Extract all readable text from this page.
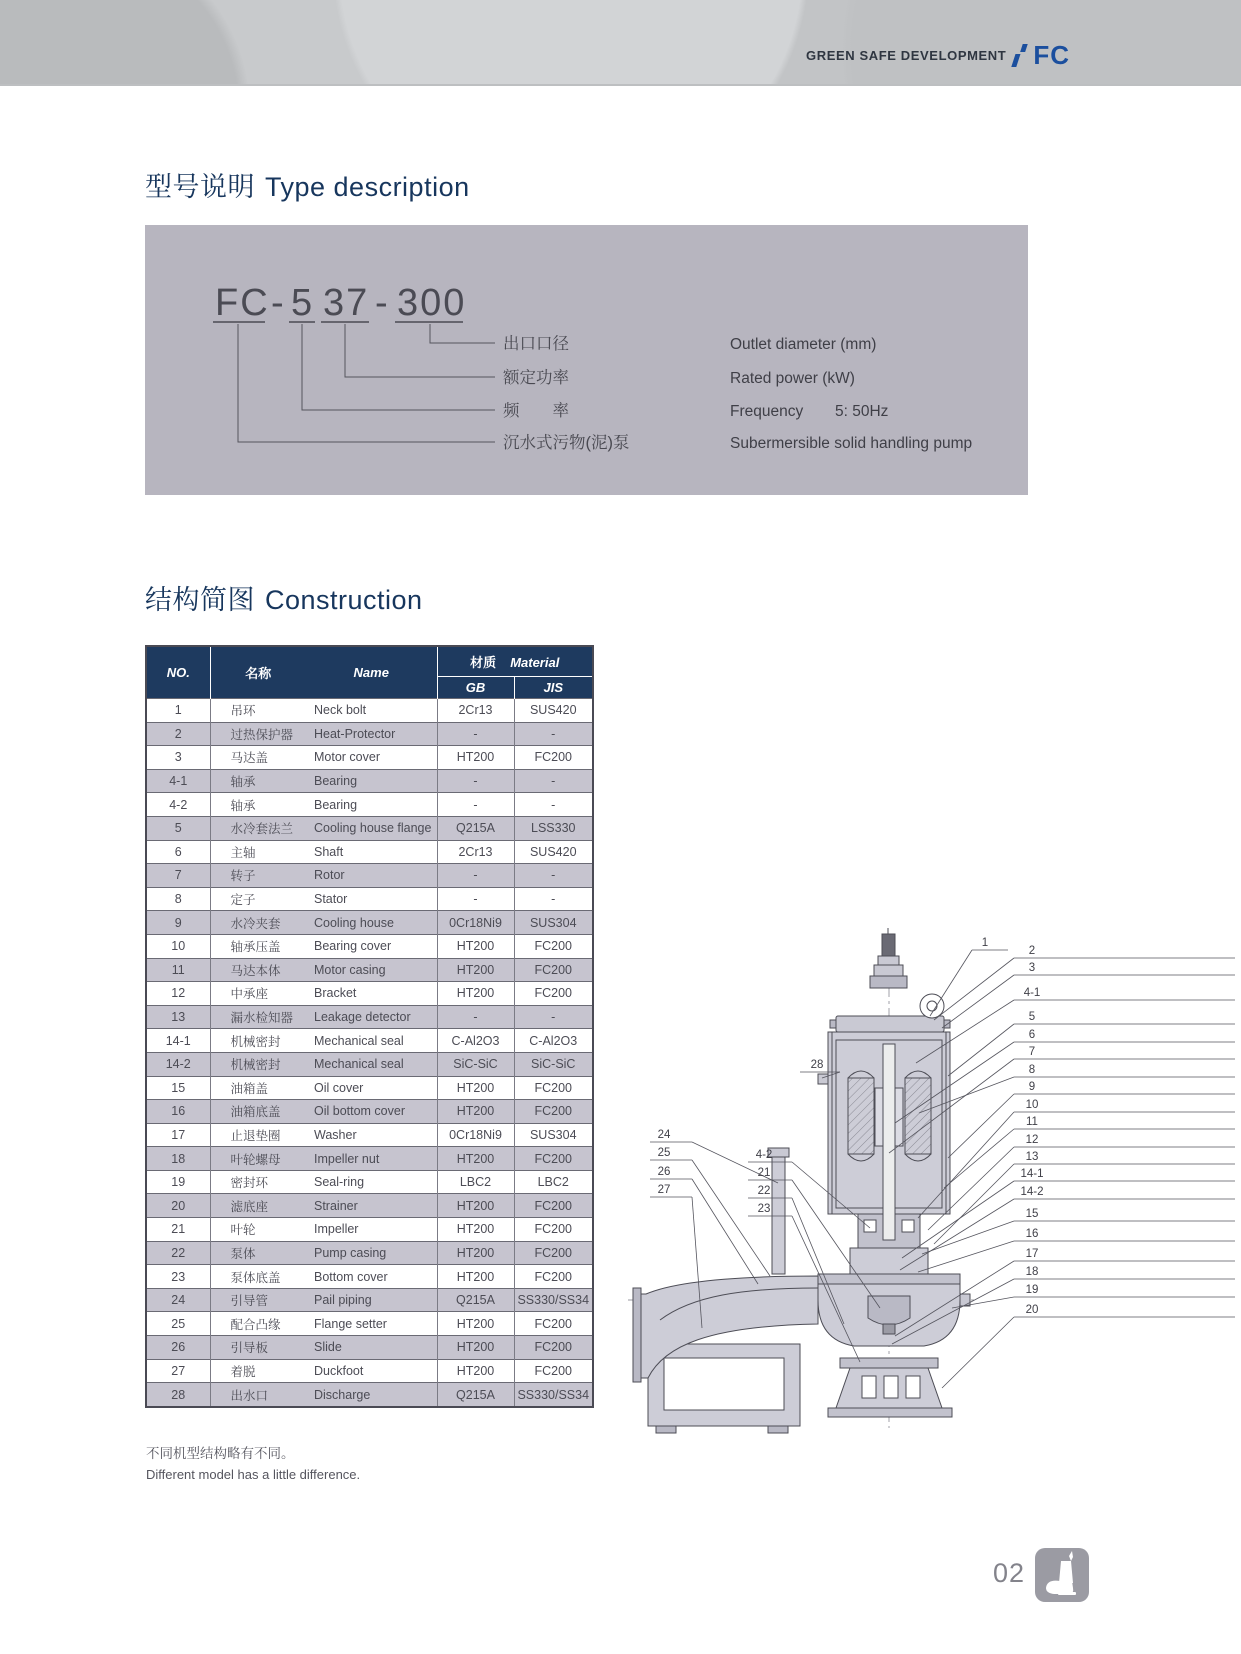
GREEN SAFE DEVELOPMENT FC
型号说明 Type description
FC - 5 37 - 300
出口口径	Outlet diameter (mm)
额定功率	Rated power (kW)
频　　率	Frequency 5: 50Hz
沉水式污物(泥)泵	Subermersible solid handling pump
结构简图 Construction
NO.	名称	Name	材质 Material	
			GB	JIS
1	吊环	Neck bolt	2Cr13	SUS420
2	过热保护器	Heat-Protector	-	-
3	马达盖	Motor cover	HT200	FC200
4-1	轴承	Bearing	-	-
4-2	轴承	Bearing	-	-
5	水冷套法兰	Cooling house flange	Q215A	LSS330
6	主轴	Shaft	2Cr13	SUS420
7	转子	Rotor	-	-
8	定子	Stator	-	-
9	水冷夹套	Cooling house	0Cr18Ni9	SUS304
10	轴承压盖	Bearing cover	HT200	FC200
11	马达本体	Motor casing	HT200	FC200
12	中承座	Bracket	HT200	FC200
13	漏水检知器	Leakage detector	-	-
14-1	机械密封	Mechanical seal	C-Al2O3	C-Al2O3
14-2	机械密封	Mechanical seal	SiC-SiC	SiC-SiC
15	油箱盖	Oil cover	HT200	FC200
16	油箱底盖	Oil bottom cover	HT200	FC200
17	止退垫圈	Washer	0Cr18Ni9	SUS304
18	叶轮螺母	Impeller nut	HT200	FC200
19	密封环	Seal-ring	LBC2	LBC2
20	滤底座	Strainer	HT200	FC200
21	叶轮	Impeller	HT200	FC200
22	泵体	Pump casing	HT200	FC200
23	泵体底盖	Bottom cover	HT200	FC200
24	引导管	Pail piping	Q215A	SS330/SS34
25	配合凸缘	Flange setter	HT200	FC200
26	引导板	Slide	HT200	FC200
27	着脱	Duckfoot	HT200	FC200
28	出水口	Discharge	Q215A	SS330/SS34
不同机型结构略有不同。
Different model has a little difference.
1
2
3
4-1
5
6
7
8
9
10
11
12
13
14-1
14-2
15
16
17
18
19
20
28
24
25
26
27
4-2
21
22
23
02
